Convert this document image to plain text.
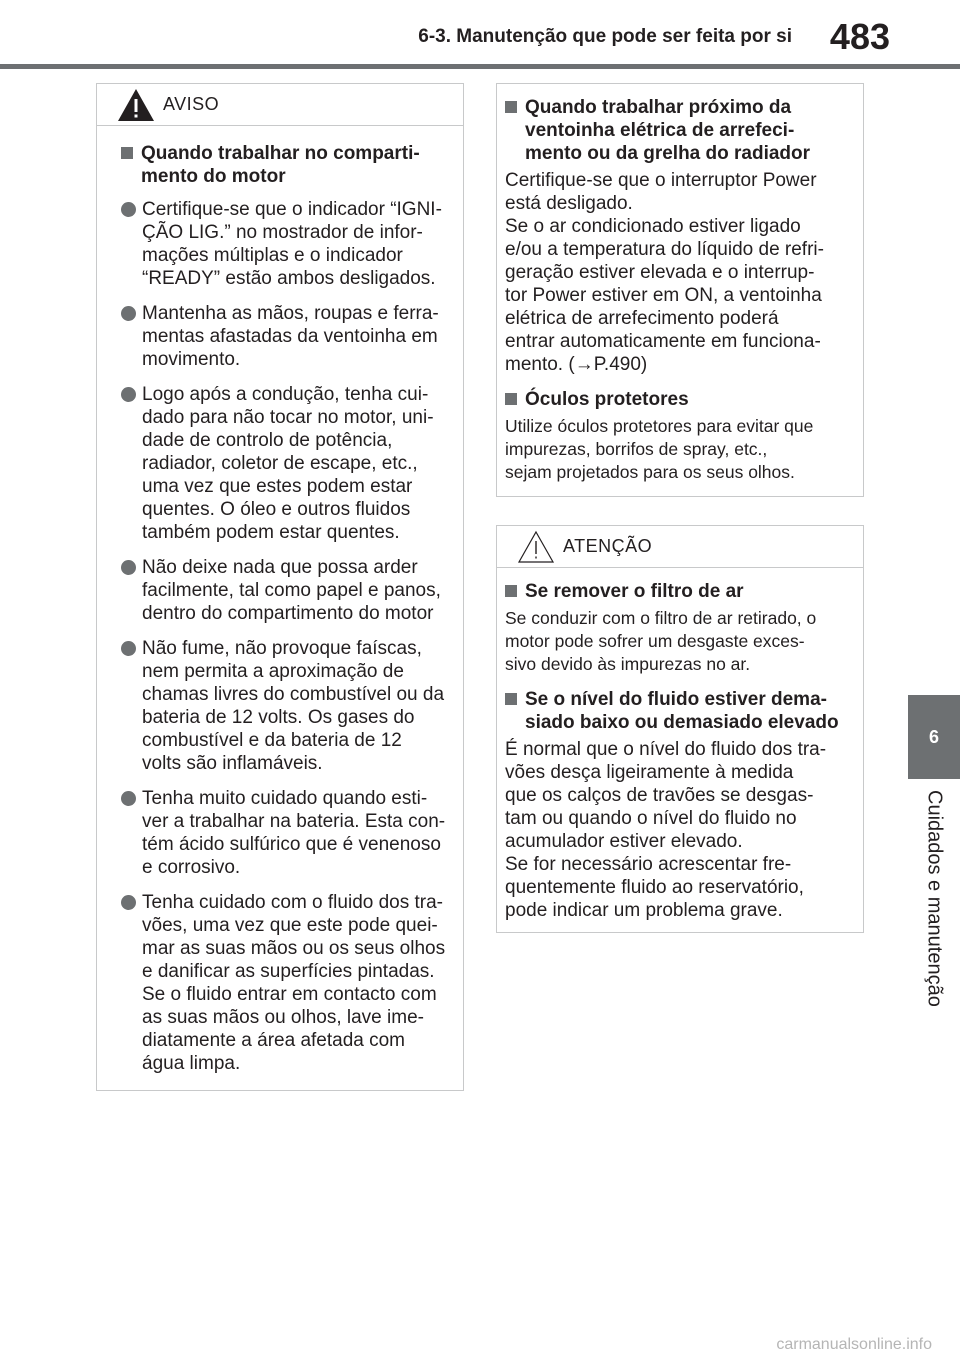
6-3. Manutenção que pode ser feita por si 483
6
Cuidados e manutenção
AVISO
Quando trabalhar no comparti-
mento do motor
Certifique-se que o indicador “IGNI-
ÇÃO LIG.” no mostrador de infor-
mações múltiplas e o indicador
“READY” estão ambos desligados.
Mantenha as mãos, roupas e ferra-
mentas afastadas da ventoinha em
movimento.
Logo após a condução, tenha cui-
dado para não tocar no motor, uni-
dade de controlo de potência,
radiador, coletor de escape, etc.,
uma vez que estes podem estar
quentes. O óleo e outros fluidos
também podem estar quentes.
Não deixe nada que possa arder
facilmente, tal como papel e panos,
dentro do compartimento do motor
Não fume, não provoque faíscas,
nem permita a aproximação de
chamas livres do combustível ou da
bateria de 12 volts. Os gases do
combustível e da bateria de 12
volts são inflamáveis.
Tenha muito cuidado quando esti-
ver a trabalhar na bateria. Esta con-
tém ácido sulfúrico que é venenoso
e corrosivo.
Tenha cuidado com o fluido dos tra-
vões, uma vez que este pode quei-
mar as suas mãos ou os seus olhos
e danificar as superfícies pintadas.
Se o fluido entrar em contacto com
as suas mãos ou olhos, lave ime-
diatamente a área afetada com
água limpa.
Quando trabalhar próximo da
ventoinha elétrica de arrefeci-
mento ou da grelha do radiador
Certifique-se que o interruptor Power
está desligado.
Se o ar condicionado estiver ligado
e/ou a temperatura do líquido de refri-
geração estiver elevada e o interrup-
tor Power estiver em ON, a ventoinha
elétrica de arrefecimento poderá
entrar automaticamente em funciona-
mento. (→P.490)
Óculos protetores
Utilize óculos protetores para evitar que
impurezas, borrifos de spray, etc.,
sejam projetados para os seus olhos.
ATENÇÃO
Se remover o filtro de ar
Se conduzir com o filtro de ar retirado, o
motor pode sofrer um desgaste exces-
sivo devido às impurezas no ar.
Se o nível do fluido estiver dema-
siado baixo ou demasiado elevado
É normal que o nível do fluido dos tra-
vões desça ligeiramente à medida
que os calços de travões se desgas-
tam ou quando o nível do fluido no
acumulador estiver elevado.
Se for necessário acrescentar fre-
quentemente fluido ao reservatório,
pode indicar um problema grave.
carmanualsonline.info
